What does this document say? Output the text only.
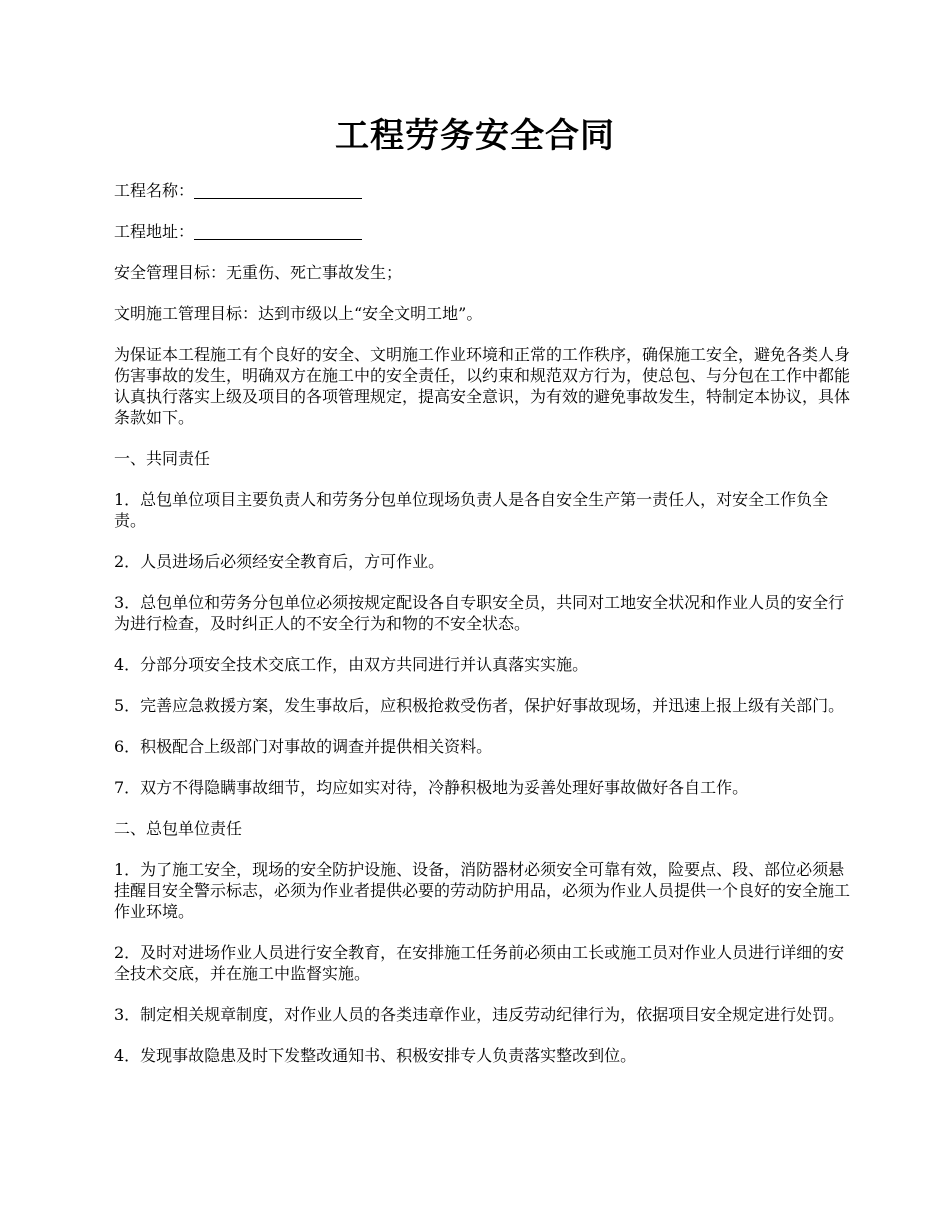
工程劳务安全合同

工程名称：

工程地址：

安全管理目标：无重伤、死亡事故发生；

文明施工管理目标：达到市级以上“安全文明工地”。

为保证本工程施工有个良好的安全、文明施工作业环境和正常的工作秩序，确保施工安全，避免各类人身伤害事故的发生，明确双方在施工中的安全责任，以约束和规范双方行为，使总包、与分包在工作中都能认真执行落实上级及项目的各项管理规定，提高安全意识，为有效的避免事故发生，特制定本协议，具体条款如下。

一、共同责任

1．总包单位项目主要负责人和劳务分包单位现场负责人是各自安全生产第一责任人，对安全工作负全责。

2．人员进场后必须经安全教育后，方可作业。

3．总包单位和劳务分包单位必须按规定配设各自专职安全员，共同对工地安全状况和作业人员的安全行为进行检查，及时纠正人的不安全行为和物的不安全状态。

4．分部分项安全技术交底工作，由双方共同进行并认真落实实施。

5．完善应急救援方案，发生事故后，应积极抢救受伤者，保护好事故现场，并迅速上报上级有关部门。

6．积极配合上级部门对事故的调查并提供相关资料。

7．双方不得隐瞒事故细节，均应如实对待，冷静积极地为妥善处理好事故做好各自工作。

二、总包单位责任

1．为了施工安全，现场的安全防护设施、设备，消防器材必须安全可靠有效，险要点、段、部位必须悬挂醒目安全警示标志，必须为作业者提供必要的劳动防护用品，必须为作业人员提供一个良好的安全施工作业环境。

2．及时对进场作业人员进行安全教育，在安排施工任务前必须由工长或施工员对作业人员进行详细的安全技术交底，并在施工中监督实施。

3．制定相关规章制度，对作业人员的各类违章作业，违反劳动纪律行为，依据项目安全规定进行处罚。

4．发现事故隐患及时下发整改通知书、积极安排专人负责落实整改到位。
